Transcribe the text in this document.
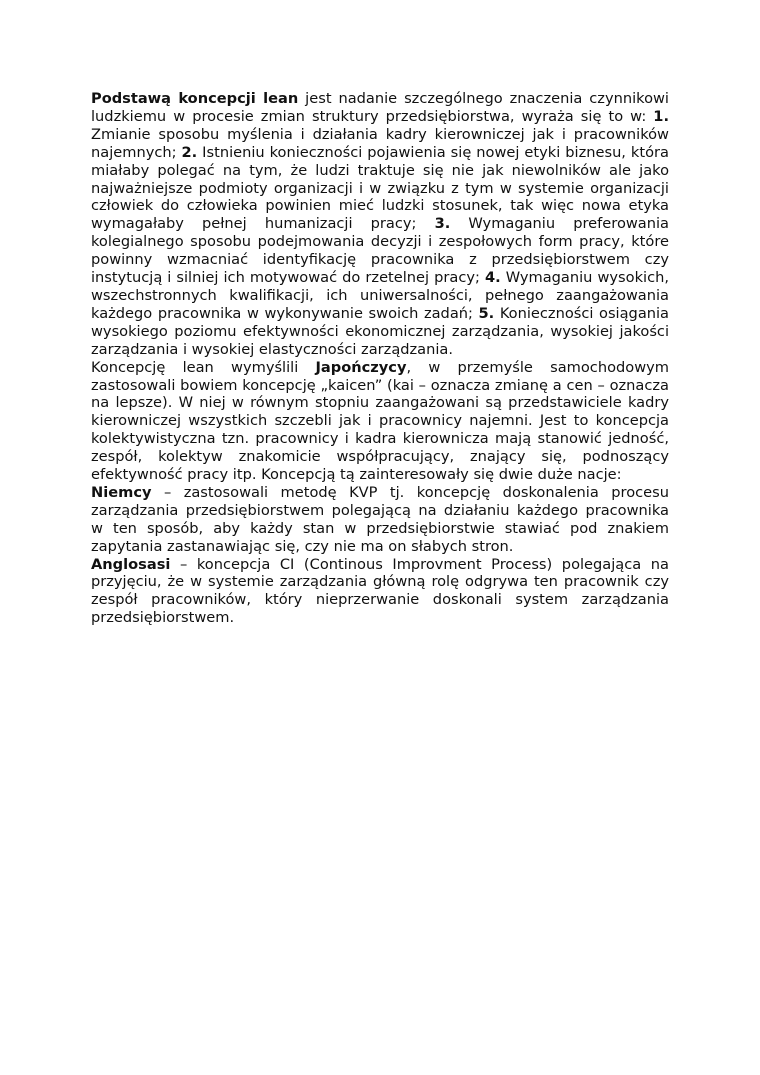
Podstawą koncepcji lean jest nadanie szczególnego znaczenia czynnikowi ludzkiemu w procesie zmian struktury przedsiębiorstwa, wyraża się to w: 1. Zmianie sposobu myślenia i działania kadry kierowniczej jak i pracowników najemnych; 2. Istnieniu konieczności pojawienia się nowej etyki biznesu, która miałaby polegać na tym, że ludzi traktuje się nie jak niewolników ale jako najważniejsze podmioty organizacji i w związku z tym w systemie organizacji człowiek do człowieka powinien mieć ludzki stosunek, tak więc nowa etyka wymagałaby pełnej humanizacji pracy; 3. Wymaganiu preferowania kolegialnego sposobu podejmowania decyzji i zespołowych form pracy, które powinny wzmacniać identyfikację pracownika z przedsiębiorstwem czy instytucją i silniej ich motywować do rzetelnej pracy; 4. Wymaganiu wysokich, wszechstronnych kwalifikacji, ich uniwersalności, pełnego zaangażowania każdego pracownika w wykonywanie swoich zadań; 5. Konieczności osiągania wysokiego poziomu efektywności ekonomicznej zarządzania, wysokiej jakości zarządzania i wysokiej elastyczności zarządzania.

Koncepcję lean wymyślili Japończycy, w przemyśle samochodowym zastosowali bowiem koncepcję „kaicen” (kai – oznacza zmianę a cen – oznacza na lepsze). W niej w równym stopniu zaangażowani są przedstawiciele kadry kierowniczej wszystkich szczebli jak i pracownicy najemni. Jest to koncepcja kolektywistyczna tzn. pracownicy i kadra kierownicza mają stanowić jedność, zespół, kolektyw znakomicie współpracujący, znający się, podnoszący efektywność pracy itp. Koncepcją tą zainteresowały się dwie duże nacje:

Niemcy – zastosowali metodę KVP tj. koncepcję doskonalenia procesu zarządzania przedsiębiorstwem polegającą na działaniu każdego pracownika w ten sposób, aby każdy stan w przedsiębiorstwie stawiać pod znakiem zapytania zastanawiając się, czy nie ma on słabych stron.

Anglosasi – koncepcja CI (Continous Improvment Process) polegająca na przyjęciu, że w systemie zarządzania główną rolę odgrywa ten pracownik czy zespół pracowników, który nieprzerwanie doskonali system zarządzania przedsiębiorstwem.
